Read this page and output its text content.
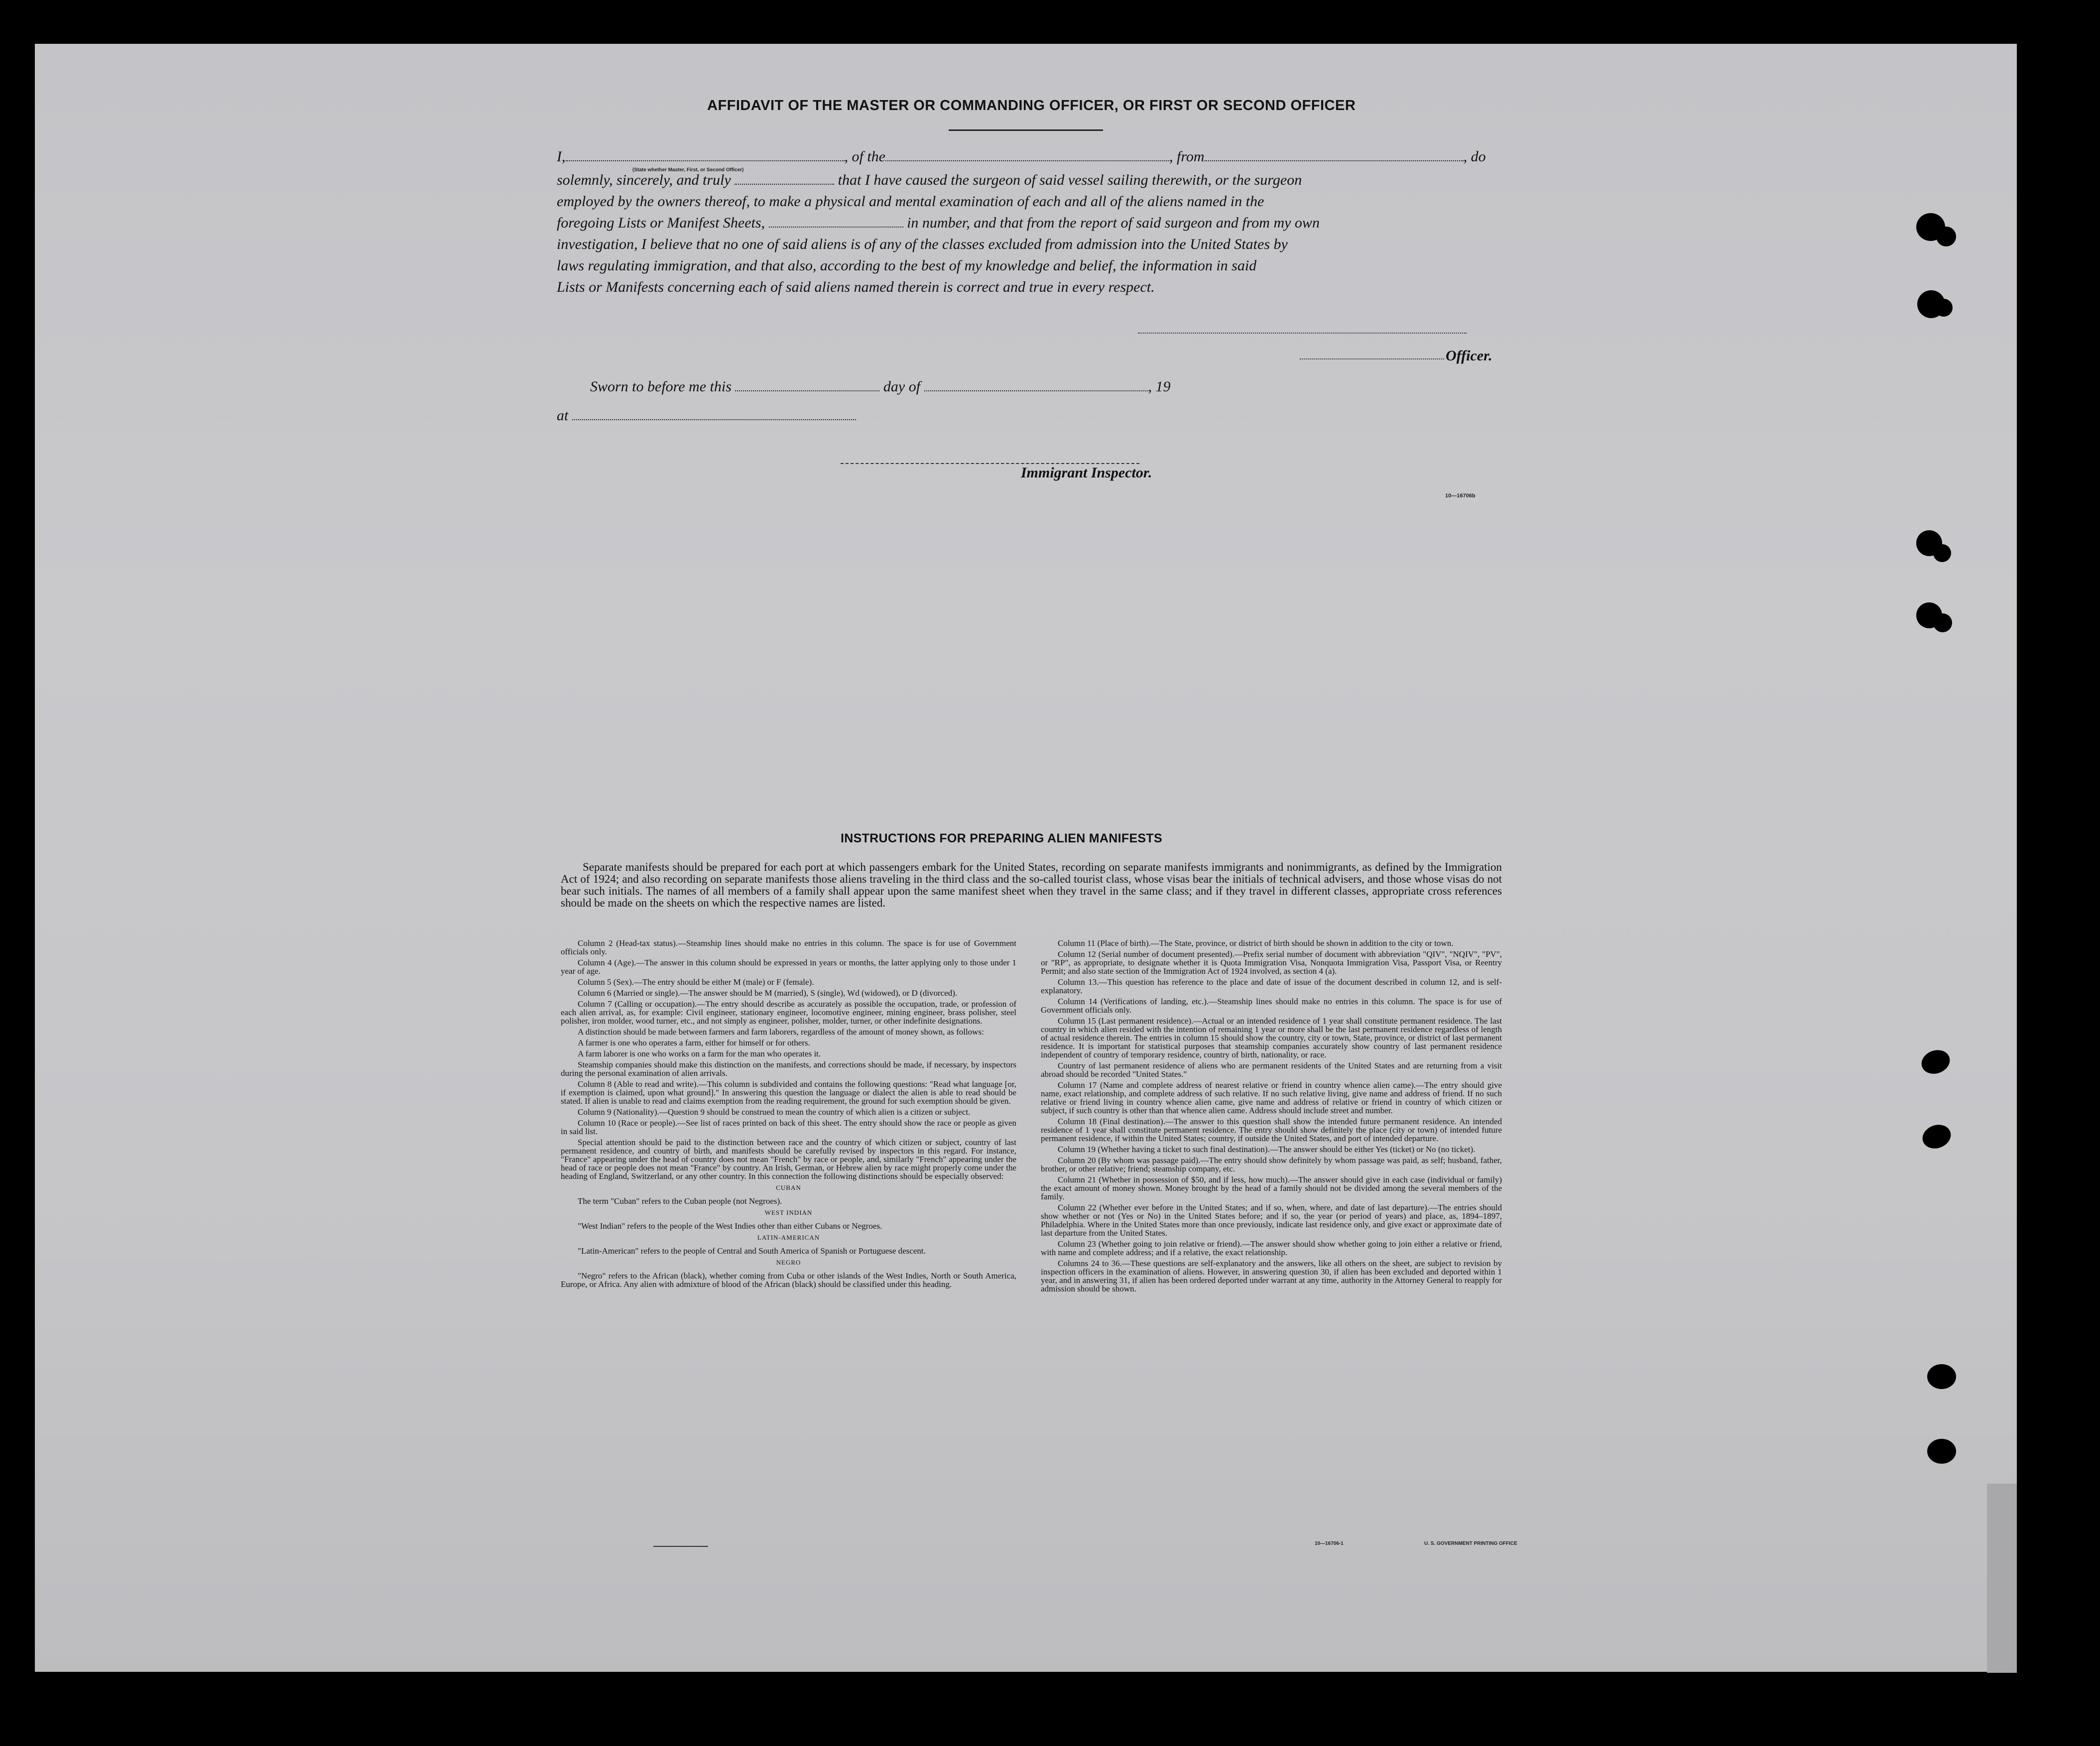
AFFIDAVIT OF THE MASTER OR COMMANDING OFFICER, OR FIRST OR SECOND OFFICER
I,	, of the	, from	, do
(State whether Master, First, or Second Officer)
solemnly, sincerely, and truly	that I have caused the surgeon of said vessel sailing therewith, or the surgeon
employed by the owners thereof, to make a physical and mental examination of each and all of the aliens named in the
foregoing Lists or Manifest Sheets,	in number, and that from the report of said surgeon and from my own
investigation, I believe that no one of said aliens is of any of the classes excluded from admission into the United States by
laws regulating immigration, and that also, according to the best of my knowledge and belief, the information in said
Lists or Manifests concerning each of said aliens named therein is correct and true in every respect.
Officer.
Sworn to before me this	day of	, 19
at
Immigrant Inspector.
10—16706b
INSTRUCTIONS FOR PREPARING ALIEN MANIFESTS
Separate manifests should be prepared for each port at which passengers embark for the United States, recording on separate manifests immigrants and nonimmigrants, as defined by the Immigration Act of 1924; and also recording on separate manifests those aliens traveling in the third class and the so-called tourist class, whose visas bear the initials of technical advisers, and those whose visas do not bear such initials. The names of all members of a family shall appear upon the same manifest sheet when they travel in the same class; and if they travel in different classes, appropriate cross references should be made on the sheets on which the respective names are listed.

Column 2 (Head-tax status).—Steamship lines should make no entries in this column. The space is for use of Government officials only.

Column 4 (Age).—The answer in this column should be expressed in years or months, the latter applying only to those under 1 year of age.

Column 5 (Sex).—The entry should be either M (male) or F (female).

Column 6 (Married or single).—The answer should be M (married), S (single), Wd (widowed), or D (divorced).

Column 7 (Calling or occupation).—The entry should describe as accurately as possible the occupation, trade, or profession of each alien arrival, as, for example: Civil engineer, stationary engineer, locomotive engineer, mining engineer, brass polisher, steel polisher, iron molder, wood turner, etc., and not simply as engineer, polisher, molder, turner, or other indefinite designations.

A distinction should be made between farmers and farm laborers, regardless of the amount of money shown, as follows:

A farmer is one who operates a farm, either for himself or for others.

A farm laborer is one who works on a farm for the man who operates it.

Steamship companies should make this distinction on the manifests, and corrections should be made, if necessary, by inspectors during the personal examination of alien arrivals.

Column 8 (Able to read and write).—This column is subdivided and contains the following questions: "Read what language [or, if exemption is claimed, upon what ground]." In answering this question the language or dialect the alien is able to read should be stated. If alien is unable to read and claims exemption from the reading requirement, the ground for such exemption should be given.

Column 9 (Nationality).—Question 9 should be construed to mean the country of which alien is a citizen or subject.

Column 10 (Race or people).—See list of races printed on back of this sheet. The entry should show the race or people as given in said list.

Special attention should be paid to the distinction between race and the country of which citizen or subject, country of last permanent residence, and country of birth, and manifests should be carefully revised by inspectors in this regard. For instance, "France" appearing under the head of country does not mean "French" by race or people, and, similarly "French" appearing under the head of race or people does not mean "France" by country. An Irish, German, or Hebrew alien by race might properly come under the heading of England, Switzerland, or any other country. In this connection the following distinctions should be especially observed:

CUBAN

The term "Cuban" refers to the Cuban people (not Negroes).

WEST INDIAN

"West Indian" refers to the people of the West Indies other than either Cubans or Negroes.

LATIN-AMERICAN

"Latin-American" refers to the people of Central and South America of Spanish or Portuguese descent.

NEGRO

"Negro" refers to the African (black), whether coming from Cuba or other islands of the West Indies, North or South America, Europe, or Africa. Any alien with admixture of blood of the African (black) should be classified under this heading.

Column 11 (Place of birth).—The State, province, or district of birth should be shown in addition to the city or town.

Column 12 (Serial number of document presented).—Prefix serial number of document with abbreviation "QIV", "NQIV", "PV", or "RP", as appropriate, to designate whether it is Quota Immigration Visa, Nonquota Immigration Visa, Passport Visa, or Reentry Permit; and also state section of the Immigration Act of 1924 involved, as section 4 (a).

Column 13.—This question has reference to the place and date of issue of the document described in column 12, and is self-explanatory.

Column 14 (Verifications of landing, etc.).—Steamship lines should make no entries in this column. The space is for use of Government officials only.

Column 15 (Last permanent residence).—Actual or an intended residence of 1 year shall constitute permanent residence. The last country in which alien resided with the intention of remaining 1 year or more shall be the last permanent residence regardless of length of actual residence therein. The entries in column 15 should show the country, city or town, State, province, or district of last permanent residence. It is important for statistical purposes that steamship companies accurately show country of last permanent residence independent of country of temporary residence, country of birth, nationality, or race.

Country of last permanent residence of aliens who are permanent residents of the United States and are returning from a visit abroad should be recorded "United States."

Column 17 (Name and complete address of nearest relative or friend in country whence alien came).—The entry should give name, exact relationship, and complete address of such relative. If no such relative living, give name and address of friend. If no such relative or friend living in country whence alien came, give name and address of relative or friend in country of which citizen or subject, if such country is other than that whence alien came. Address should include street and number.

Column 18 (Final destination).—The answer to this question shall show the intended future permanent residence. An intended residence of 1 year shall constitute permanent residence. The entry should show definitely the place (city or town) of intended future permanent residence, if within the United States; country, if outside the United States, and port of intended departure.

Column 19 (Whether having a ticket to such final destination).—The answer should be either Yes (ticket) or No (no ticket).

Column 20 (By whom was passage paid).—The entry should show definitely by whom passage was paid, as self; husband, father, brother, or other relative; friend; steamship company, etc.

Column 21 (Whether in possession of $50, and if less, how much).—The answer should give in each case (individual or family) the exact amount of money shown. Money brought by the head of a family should not be divided among the several members of the family.

Column 22 (Whether ever before in the United States; and if so, when, where, and date of last departure).—The entries should show whether or not (Yes or No) in the United States before; and if so, the year (or period of years) and place, as, 1894–1897, Philadelphia. Where in the United States more than once previously, indicate last residence only, and give exact or approximate date of last departure from the United States.

Column 23 (Whether going to join relative or friend).—The answer should show whether going to join either a relative or friend, with name and complete address; and if a relative, the exact relationship.

Columns 24 to 36.—These questions are self-explanatory and the answers, like all others on the sheet, are subject to revision by inspection officers in the examination of aliens. However, in answering question 30, if alien has been excluded and deported within 1 year, and in answering 31, if alien has been ordered deported under warrant at any time, authority in the Attorney General to reapply for admission should be shown.

10—16706-1	U. S. GOVERNMENT PRINTING OFFICE
